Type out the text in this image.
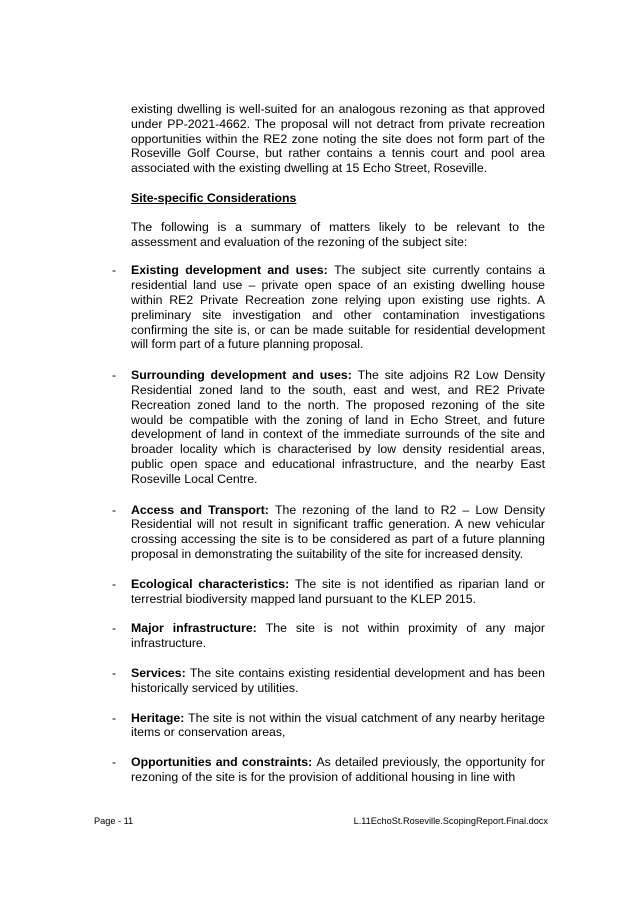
existing dwelling is well-suited for an analogous rezoning as that approved under PP-2021-4662. The proposal will not detract from private recreation opportunities within the RE2 zone noting the site does not form part of the Roseville Golf Course, but rather contains a tennis court and pool area associated with the existing dwelling at 15 Echo Street, Roseville.

Site-specific Considerations

The following is a summary of matters likely to be relevant to the assessment and evaluation of the rezoning of the subject site:

- Existing development and uses: The subject site currently contains a residential land use – private open space of an existing dwelling house within RE2 Private Recreation zone relying upon existing use rights. A preliminary site investigation and other contamination investigations confirming the site is, or can be made suitable for residential development will form part of a future planning proposal.
- Surrounding development and uses: The site adjoins R2 Low Density Residential zoned land to the south, east and west, and RE2 Private Recreation zoned land to the north. The proposed rezoning of the site would be compatible with the zoning of land in Echo Street, and future development of land in context of the immediate surrounds of the site and broader locality which is characterised by low density residential areas, public open space and educational infrastructure, and the nearby East Roseville Local Centre.
- Access and Transport: The rezoning of the land to R2 – Low Density Residential will not result in significant traffic generation. A new vehicular crossing accessing the site is to be considered as part of a future planning proposal in demonstrating the suitability of the site for increased density.
- Ecological characteristics: The site is not identified as riparian land or terrestrial biodiversity mapped land pursuant to the KLEP 2015.
- Major infrastructure: The site is not within proximity of any major infrastructure.
- Services: The site contains existing residential development and has been historically serviced by utilities.
- Heritage: The site is not within the visual catchment of any nearby heritage items or conservation areas,
- Opportunities and constraints: As detailed previously, the opportunity for rezoning of the site is for the provision of additional housing in line with
Page - 11	L.11EchoSt.Roseville.ScopingReport.Final.docx
